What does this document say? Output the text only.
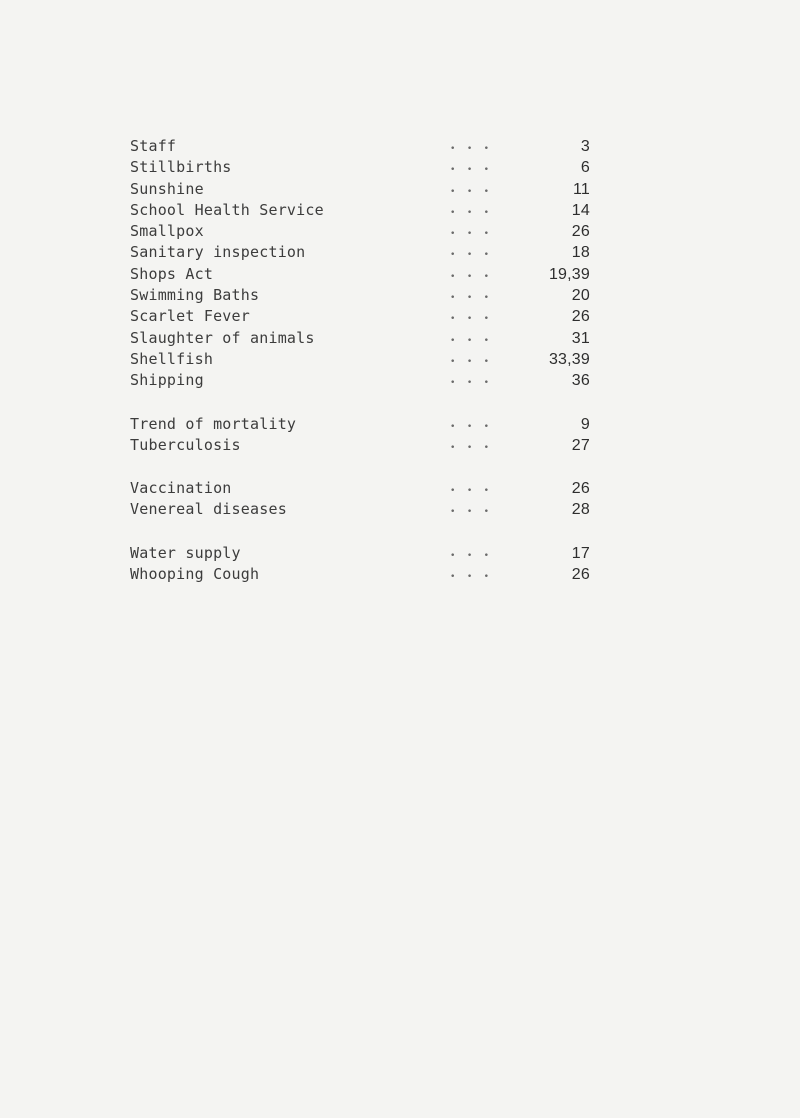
Staff	• • •	3
Stillbirths	• • •	6
Sunshine	• • •	11
School Health Service	• • •	14
Smallpox	• • •	26
Sanitary inspection	• • •	18
Shops Act	• • •	19,39
Swimming Baths	• • •	20
Scarlet Fever	• • •	26
Slaughter of animals	• • •	31
Shellfish	• • •	33,39
Shipping	• • •	36
Trend of mortality	• • •	9
Tuberculosis	• • •	27
Vaccination	• • •	26
Venereal diseases	• • •	28
Water supply	• • •	17
Whooping Cough	• • •	26
